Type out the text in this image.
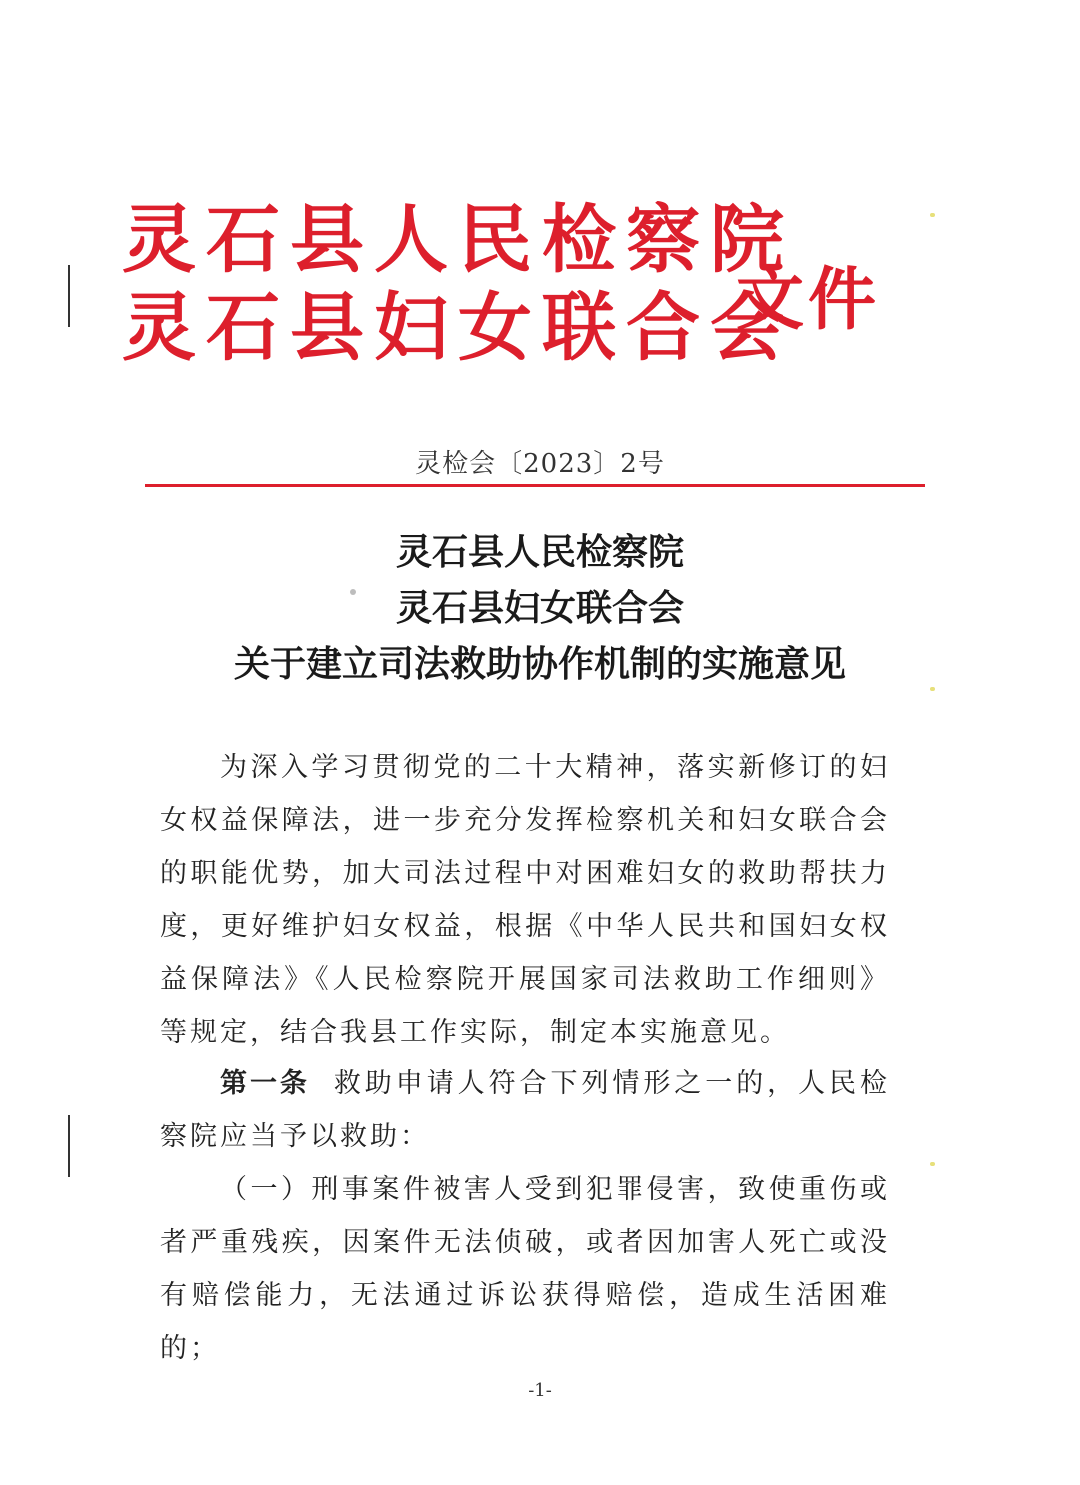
灵石县人民检察院
灵石县妇女联合会
文件
灵检会〔2023〕2号
灵石县人民检察院
灵石县妇女联合会
关于建立司法救助协作机制的实施意见
为深入学习贯彻党的二十大精神，落实新修订的妇女权益保障法，进一步充分发挥检察机关和妇女联合会的职能优势，加大司法过程中对困难妇女的救助帮扶力度，更好维护妇女权益，根据《中华人民共和国妇女权益保障法》《人民检察院开展国家司法救助工作细则》等规定，结合我县工作实际，制定本实施意见。
第一条 救助申请人符合下列情形之一的，人民检察院应当予以救助：
（一）刑事案件被害人受到犯罪侵害，致使重伤或者严重残疾，因案件无法侦破，或者因加害人死亡或没有赔偿能力，无法通过诉讼获得赔偿，造成生活困难的；
-1-
